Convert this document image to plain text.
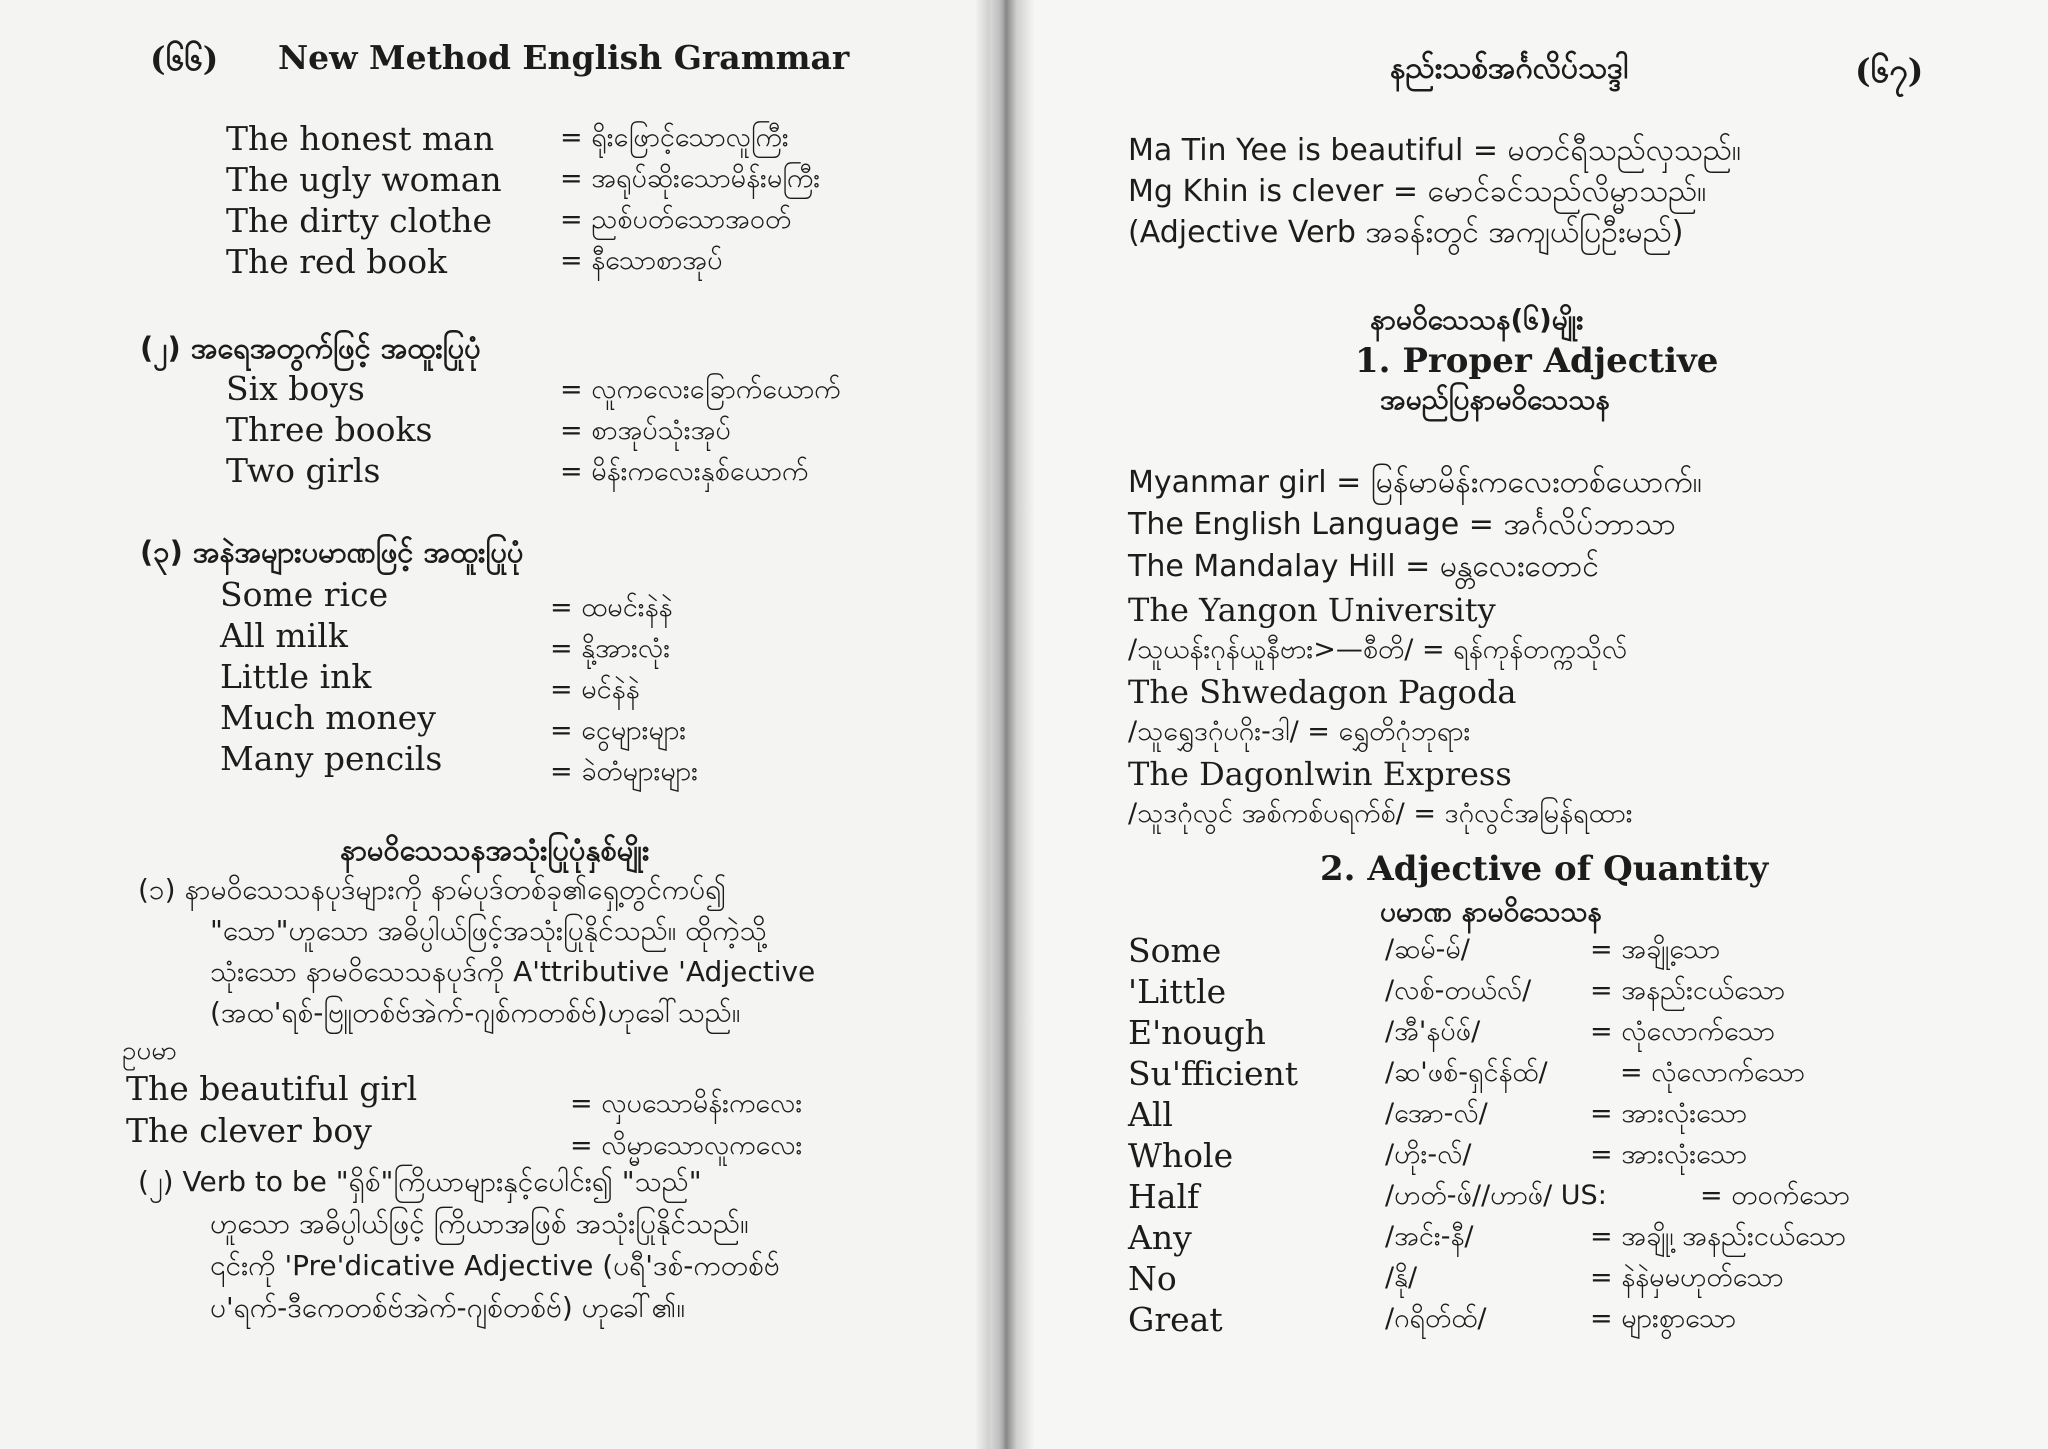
(၆၆) New Method English Grammar
The honest man = ရိုးဖြောင့်သောလူကြီး
The ugly woman = အရုပ်ဆိုးသောမိန်းမကြီး
The dirty clothe	= ညစ်ပတ်သောအဝတ်
The red book	= နီသောစာအုပ်
(၂) အရေအတွက်ဖြင့် အထူးပြုပုံ
Six boys	= လူကလေးခြောက်ယောက်
Three books	= စာအုပ်သုံးအုပ်
Two girls	= မိန်းကလေးနှစ်ယောက်
(၃) အနဲအများပမာဏဖြင့် အထူးပြုပုံ
Some rice	= ထမင်းနဲနဲ
All milk	= နို့အားလုံး
Little ink	= မင်နဲနဲ
Much money	= ငွေများများ
Many pencils	= ခဲတံများများ
နာမဝိသေသနအသုံးပြုပုံနှစ်မျိုး
(၁) နာမဝိသေသနပုဒ်များကို နာမ်ပုဒ်တစ်ခု၏ရှေ့တွင်ကပ်၍
"သော"ဟူသော အဓိပ္ပါယ်ဖြင့်အသုံးပြုနိုင်သည်။ ထိုကဲ့သို့
သုံးသော နာမဝိသေသနပုဒ်ကို A'ttributive 'Adjective
(အထ'ရစ်-ဗြူတစ်ဗ်အဲက်-ဂျစ်ကတစ်ဗ်)ဟုခေါ်သည်။
ဥပမာ
The beautiful girl	= လှပသောမိန်းကလေး
The clever boy	= လိမ္မာသောလူကလေး
(၂) Verb to be "ရှိစ်"ကြိယာများနှင့်ပေါင်း၍ "သည်"
ဟူသော အဓိပ္ပါယ်ဖြင့် ကြိယာအဖြစ် အသုံးပြုနိုင်သည်။
၎င်းကို 'Pre'dicative Adjective (ပရီ'ဒစ်-ကတစ်ဗ်
ပ'ရက်-ဒီကေတစ်ဗ်အဲက်-ဂျစ်တစ်ဗ်) ဟုခေါ်၏။
နည်းသစ်အင်္ဂလိပ်သဒ္ဒါ	(၆၇)
Ma Tin Yee is beautiful = မတင်ရီသည်လှသည်။
Mg Khin is clever = မောင်ခင်သည်လိမ္မာသည်။
(Adjective Verb အခန်းတွင် အကျယ်ပြဦးမည်)
နာမဝိသေသန(၆)မျိုး
1. Proper Adjective
အမည်ပြနာမဝိသေသန
Myanmar girl = မြန်မာမိန်းကလေးတစ်ယောက်။
The English Language = အင်္ဂလိပ်ဘာသာ
The Mandalay Hill = မန္တလေးတောင်
The Yangon University
/သူယန်းဂုန်ယူနီဗား>—စီတိ/ = ရန်ကုန်တက္ကသိုလ်
The Shwedagon Pagoda
/သူရွှေဒဂုံပဂိုး-ဒါ/ = ရွှေတိဂုံဘုရား
The Dagonlwin Express
/သူဒဂုံလွင် အစ်ကစ်ပရက်စ်/ = ဒဂုံလွင်အမြန်ရထား
2. Adjective of Quantity
ပမာဏ နာမဝိသေသန
Some	/ဆမ်-မ်/	= အချို့သော
'Little	/လစ်-တယ်လ်/ = အနည်းငယ်သော
E'nough	/အီ'နပ်ဖ်/	= လုံလောက်သော
Su'fficient	/ဆ'ဖစ်-ရှင်န်ထ်/	= လုံလောက်သော
All	/အော-လ်/	= အားလုံးသော
Whole	/ဟိုး-လ်/	= အားလုံးသော
Half	/ဟတ်-ဖ်//ဟာဖ်/ US:	= တဝက်သော
Any	/အင်း-နီ/	= အချို့၊ အနည်းငယ်သော
No	/နို/	= နဲနဲမှမဟုတ်သော
Great	/ဂရိတ်ထ်/	= များစွာသော
